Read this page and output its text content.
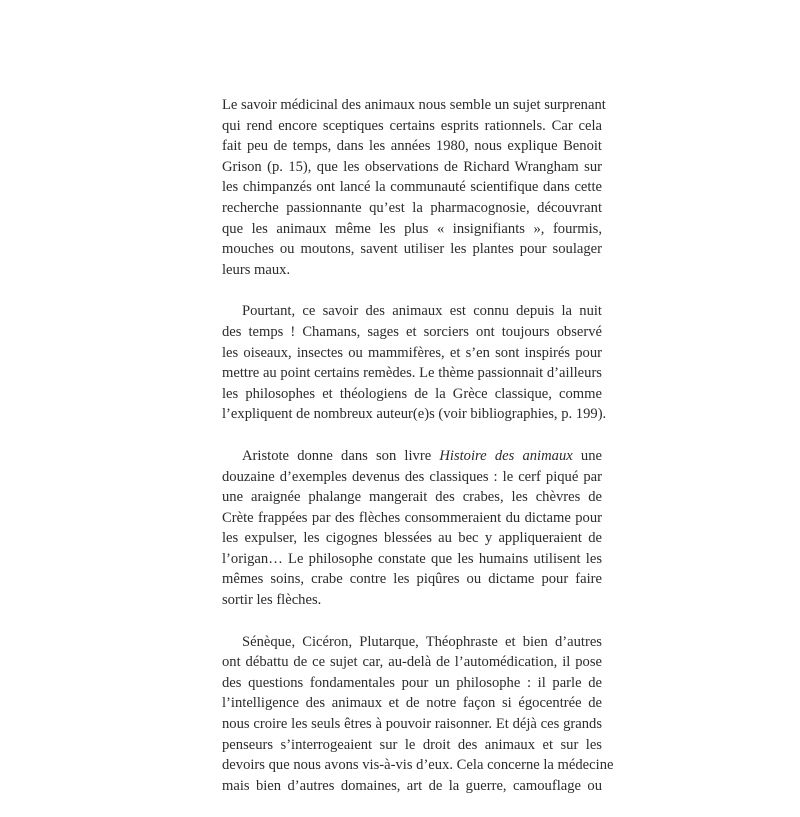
Le savoir médicinal des animaux nous semble un sujet surprenant
qui rend encore sceptiques certains esprits rationnels. Car cela
fait peu de temps, dans les années 1980, nous explique Benoit
Grison (p. 15), que les observations de Richard Wrangham sur
les chimpanzés ont lancé la communauté scientifique dans cette
recherche passionnante qu’est la pharmacognosie, découvrant
que les animaux même les plus « insignifiants », fourmis,
mouches ou moutons, savent utiliser les plantes pour soulager
leurs maux.

Pourtant, ce savoir des animaux est connu depuis la nuit
des temps ! Chamans, sages et sorciers ont toujours observé
les oiseaux, insectes ou mammifères, et s’en sont inspirés pour
mettre au point certains remèdes. Le thème passionnait d’ailleurs
les philosophes et théologiens de la Grèce classique, comme
l’expliquent de nombreux auteur(e)s (voir bibliographies, p. 199).

Aristote donne dans son livre Histoire des animaux une
douzaine d’exemples devenus des classiques : le cerf piqué par
une araignée phalange mangerait des crabes, les chèvres de
Crète frappées par des flèches consommeraient du dictame pour
les expulser, les cigognes blessées au bec y appliqueraient de
l’origan… Le philosophe constate que les humains utilisent les
mêmes soins, crabe contre les piqûres ou dictame pour faire
sortir les flèches.

Sénèque, Cicéron, Plutarque, Théophraste et bien d’autres
ont débattu de ce sujet car, au-delà de l’automédication, il pose
des questions fondamentales pour un philosophe : il parle de
l’intelligence des animaux et de notre façon si égocentrée de
nous croire les seuls êtres à pouvoir raisonner. Et déjà ces grands
penseurs s’interrogeaient sur le droit des animaux et sur les
devoirs que nous avons vis-à-vis d’eux. Cela concerne la médecine
mais bien d’autres domaines, art de la guerre, camouflage ou
